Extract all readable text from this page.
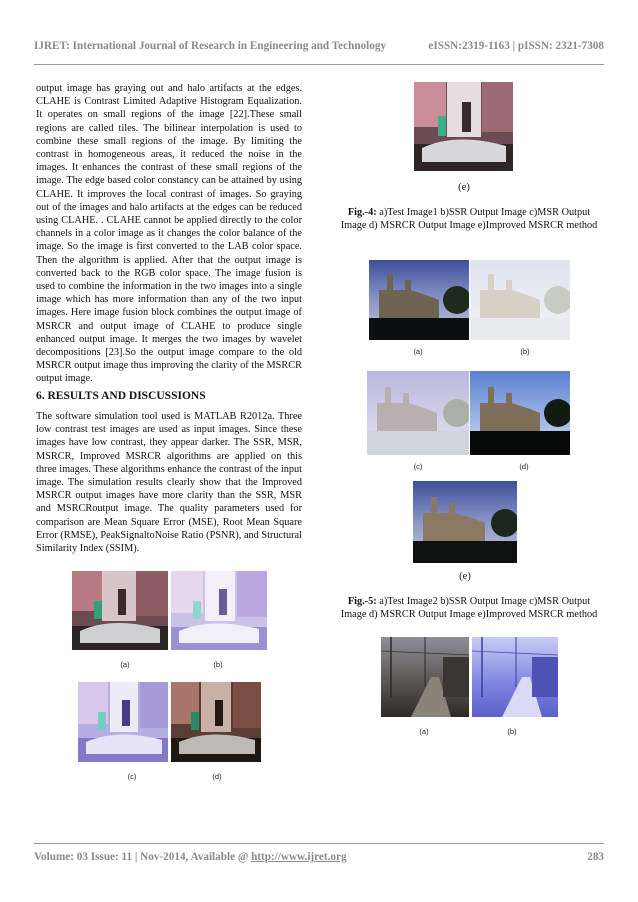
IJRET: International Journal of Research in Engineering and Technology	eISSN:2319-1163 | pISSN: 2321-7308

output image has graying out and halo artifacts at the edges. CLAHE is Contrast Limited Adaptive Histogram Equalization. It operates on small regions of the image [22].These small regions are called tiles. The bilinear interpolation is used to combine these small regions of the image. By limiting the contrast in homogeneous areas, it reduced the noise in the images. It enhances the contrast of these small regions of the image. The edge based color constancy can be attained by using CLAHE. It improves the local contrast of images. So graying out of the images and halo artifacts at the edges can be reduced using CLAHE. . CLAHE cannot be applied directly to the color channels in a color image as it changes the color balance of the image. So the image is first converted to the LAB color space. Then the algorithm is applied. After that the output image is converted back to the RGB color space. The image fusion is used to combine the information in the two images into a single image which has more information than any of the two input images. Here image fusion block combines the output image of MSRCR and output image of CLAHE to produce single enhanced output image. It merges the two images by wavelet decompositions [23].So the output image compare to the old MSRCR output image thus improving the clarity of the MSRCR output image.

6. RESULTS AND DISCUSSIONS

The software simulation tool used is MATLAB R2012a. Three low contrast test images are used as input images. Since these images have low contrast, they appear darker. The SSR, MSR, MSRCR, Improved MSRCR algorithms are applied on this three images. These algorithms enhance the contrast of the input image. The simulation results clearly show that the Improved MSRCR output images have more clarity than the SSR, MSR and MSRCRoutput image. The quality parameters used for comparison are Mean Square Error (MSE), Root Mean Square Error (RMSE), PeakSignaltoNoise Ratio (PSNR), and Structural Similarity Index (SSIM).

(a)	(b)
(c)	(d)
(e)
Fig.-4: a)Test Image1 b)SSR Output Image c)MSR Output Image d) MSRCR Output Image e)Improved MSRCR method
(a)	(b)
(c)	(d)
(e)
Fig.-5: a)Test Image2 b)SSR Output Image c)MSR Output Image d) MSRCR Output Image e)Improved MSRCR method
(a)	(b)
Volume: 03 Issue: 11 | Nov-2014, Available @ http://www.ijret.org	283
